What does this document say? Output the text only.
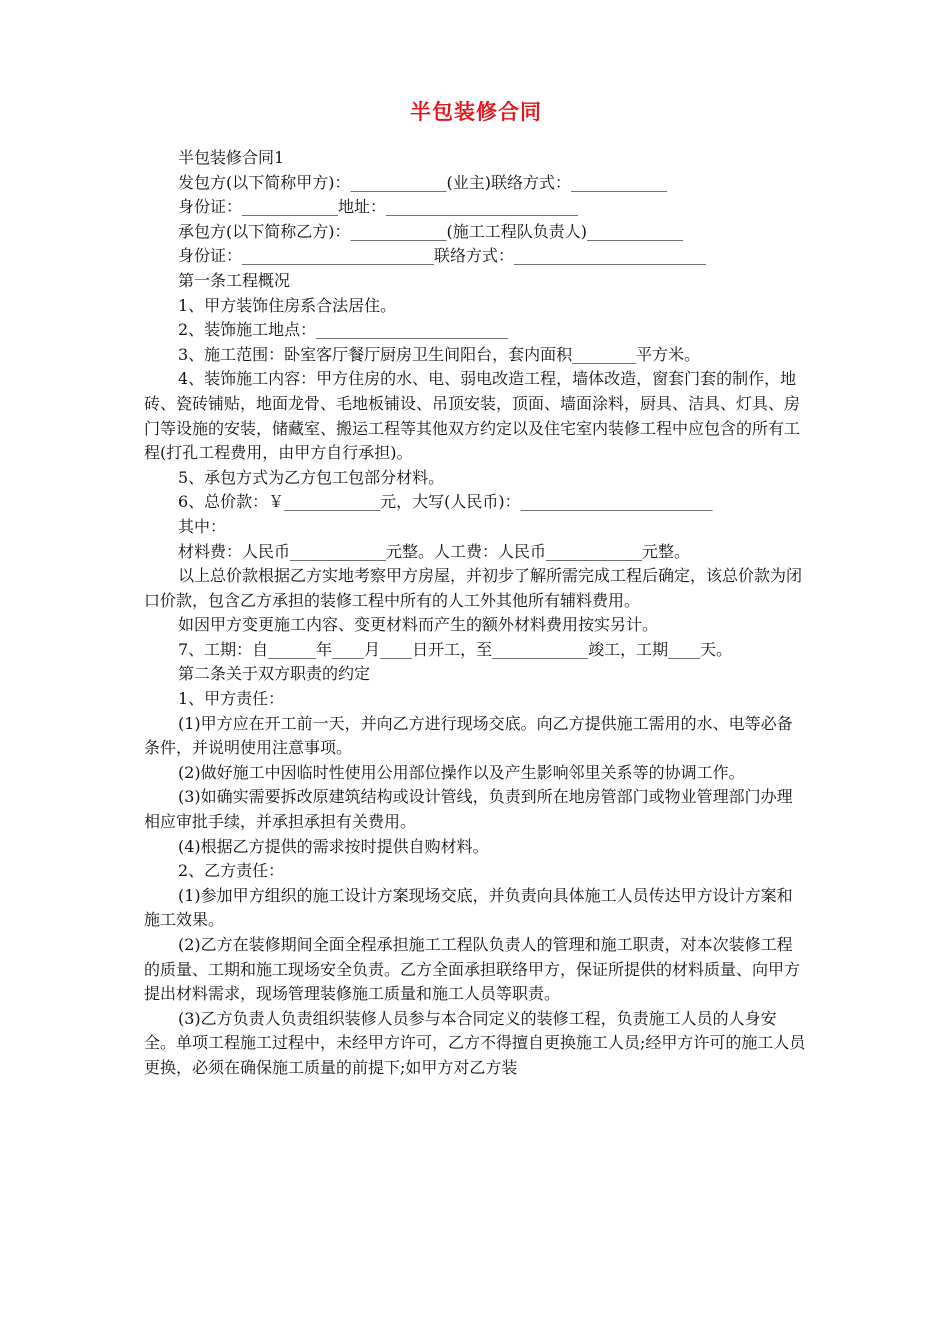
半包装修合同

半包装修合同1

发包方(以下简称甲方)：____________(业主)联络方式：____________

身份证：____________地址：________________________

承包方(以下简称乙方)：____________(施工工程队负责人)____________

身份证：________________________联络方式：________________________

第一条工程概况

1、甲方装饰住房系合法居住。

2、装饰施工地点：________________________

3、施工范围：卧室客厅餐厅厨房卫生间阳台，套内面积________平方米。

4、装饰施工内容：甲方住房的水、电、弱电改造工程，墙体改造，窗套门套的制作，地砖、瓷砖铺贴，地面龙骨、毛地板铺设、吊顶安装，顶面、墙面涂料，厨具、洁具、灯具、房门等设施的安装，储藏室、搬运工程等其他双方约定以及住宅室内装修工程中应包含的所有工程(打孔工程费用，由甲方自行承担)。

5、承包方式为乙方包工包部分材料。

6、总价款：￥____________元，大写(人民币)：________________________

其中：

材料费：人民币____________元整。人工费：人民币____________元整。

以上总价款根据乙方实地考察甲方房屋，并初步了解所需完成工程后确定，该总价款为闭口价款，包含乙方承担的装修工程中所有的人工外其他所有辅料费用。

如因甲方变更施工内容、变更材料而产生的额外材料费用按实另计。

7、工期：自______年____月____日开工，至____________竣工，工期____天。

第二条关于双方职责的约定

1、甲方责任：

(1)甲方应在开工前一天，并向乙方进行现场交底。向乙方提供施工需用的水、电等必备条件，并说明使用注意事项。

(2)做好施工中因临时性使用公用部位操作以及产生影响邻里关系等的协调工作。

(3)如确实需要拆改原建筑结构或设计管线，负责到所在地房管部门或物业管理部门办理相应审批手续，并承担承担有关费用。

(4)根据乙方提供的需求按时提供自购材料。

2、乙方责任：

(1)参加甲方组织的施工设计方案现场交底，并负责向具体施工人员传达甲方设计方案和施工效果。

(2)乙方在装修期间全面全程承担施工工程队负责人的管理和施工职责，对本次装修工程的质量、工期和施工现场安全负责。乙方全面承担联络甲方，保证所提供的材料质量、向甲方提出材料需求，现场管理装修施工质量和施工人员等职责。

(3)乙方负责人负责组织装修人员参与本合同定义的装修工程，负责施工人员的人身安全。单项工程施工过程中，未经甲方许可，乙方不得擅自更换施工人员;经甲方许可的施工人员更换，必须在确保施工质量的前提下;如甲方对乙方装
